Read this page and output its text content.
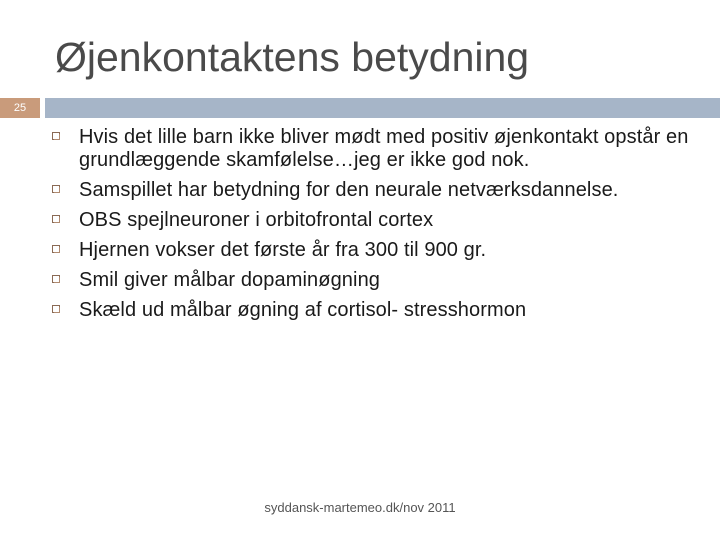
Øjenkontaktens betydning
25
Hvis det lille barn ikke bliver mødt med positiv øjenkontakt opstår en grundlæggende skamfølelse…jeg er ikke god nok.
Samspillet har betydning for den neurale netværksdannelse.
OBS spejlneuroner i orbitofrontal cortex
Hjernen vokser det første år fra 300 til 900 gr.
Smil giver målbar dopaminøgning
Skæld ud målbar øgning af cortisol- stresshormon
syddansk-martemeo.dk/nov 2011
